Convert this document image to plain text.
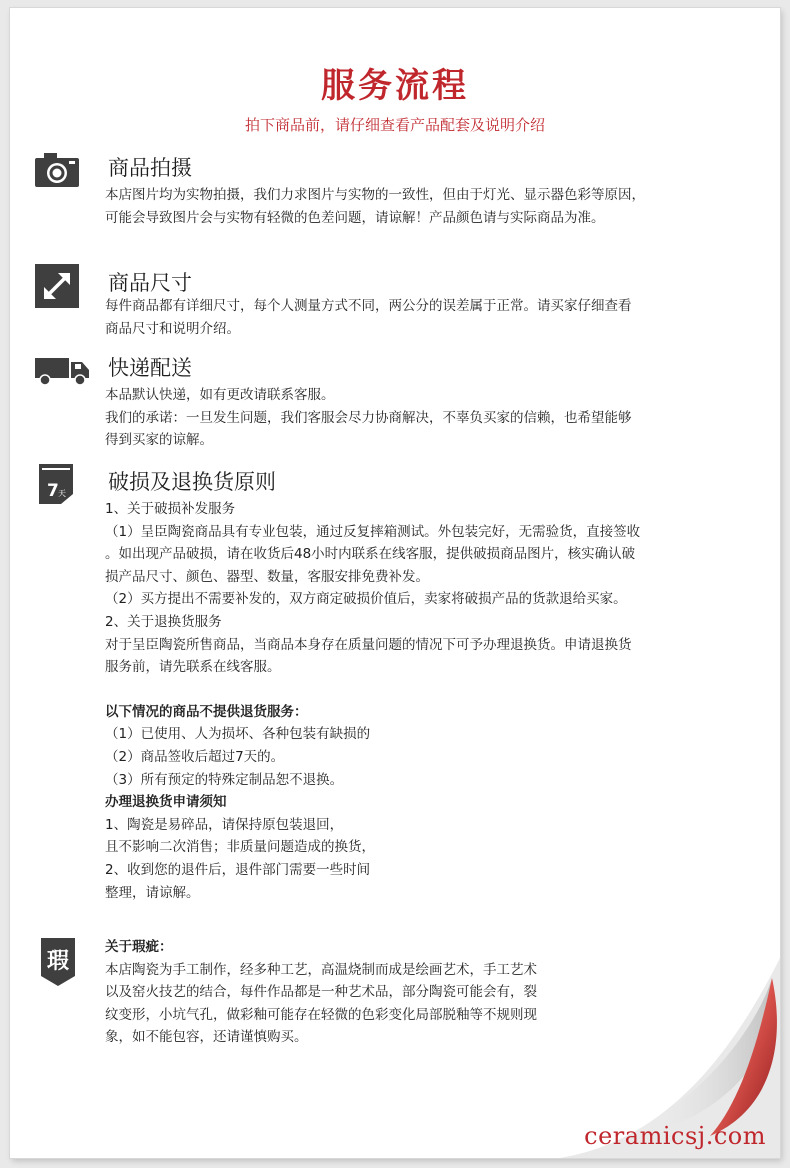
服务流程
拍下商品前，请仔细查看产品配套及说明介绍
商品拍摄

本店图片均为实物拍摄，我们力求图片与实物的一致性，但由于灯光、显示器色彩等原因，

可能会导致图片会与实物有轻微的色差问题，请谅解！产品颜色请与实际商品为准。

商品尺寸

每件商品都有详细尺寸，每个人测量方式不同，两公分的误差属于正常。请买家仔细查看

商品尺寸和说明介绍。

快递配送

本品默认快递，如有更改请联系客服。

我们的承诺：一旦发生问题，我们客服会尽力协商解决，不辜负买家的信赖，也希望能够

得到买家的谅解。

7 天 破损及退换货原则

1、关于破损补发服务

（1）呈臣陶瓷商品具有专业包装，通过反复摔箱测试。外包装完好，无需验货，直接签收

。如出现产品破损，请在收货后48小时内联系在线客服，提供破损商品图片，核实确认破

损产品尺寸、颜色、器型、数量，客服安排免费补发。

（2）买方提出不需要补发的，双方商定破损价值后，卖家将破损产品的货款退给买家。

2、关于退换货服务

对于呈臣陶瓷所售商品，当商品本身存在质量问题的情况下可予办理退换货。申请退换货

服务前，请先联系在线客服。

以下情况的商品不提供退货服务：

（1）已使用、人为损坏、各种包装有缺损的

（2）商品签收后超过7天的。

（3）所有预定的特殊定制品恕不退换。

办理退换货申请须知

1、陶瓷是易碎品，请保持原包装退回，

且不影响二次消售；非质量问题造成的换货，

2、收到您的退件后，退件部门需要一些时间

整理，请谅解。

瑕

关于瑕疵：

本店陶瓷为手工制作，经多种工艺，高温烧制而成是绘画艺术，手工艺术

以及窑火技艺的结合，每件作品都是一种艺术品，部分陶瓷可能会有，裂

纹变形，小坑气孔，做彩釉可能存在轻微的色彩变化局部脱釉等不规则现

象，如不能包容，还请谨慎购买。

ceramicsj.com
